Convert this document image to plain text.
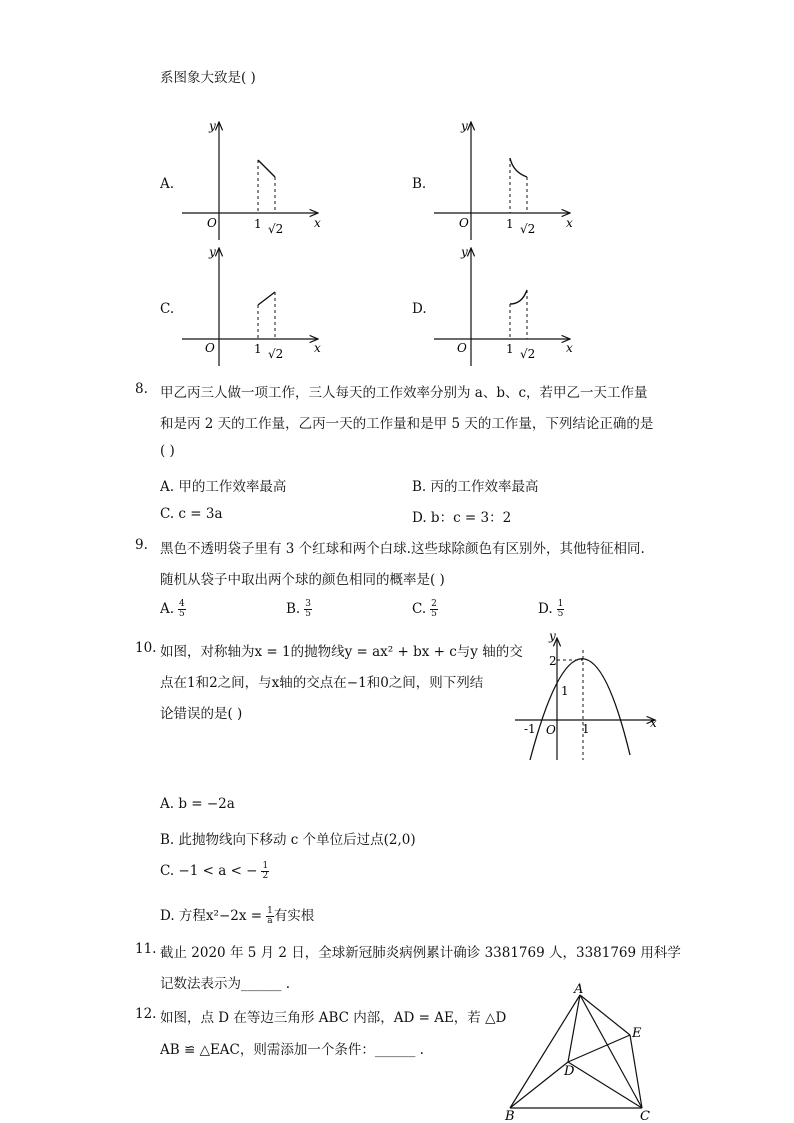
系图象大致是( )
A.	B.
C.	D.
y
x
O	1 √2
y
x
O	1 √2
y
x
O	1 √2
y
x
O	1 √2
y
x
O
2
1
-1	1
A
B	C
D
E
8. 甲乙丙三人做一项工作，三人每天的工作效率分别为 a、b、c，若甲乙一天工作量
和是丙 2 天的工作量，乙丙一天的工作量和是甲 5 天的工作量，下列结论正确的是
( )
A. 甲的工作效率最高	B. 丙的工作效率最高
C. c = 3a	D. b：c = 3：2
9. 黑色不透明袋子里有 3 个红球和两个白球.这些球除颜色有区别外，其他特征相同.
随机从袋子中取出两个球的颜色相同的概率是( )
A. $\frac{4}{5}$	B. $\frac{3}{5}$	C. $\frac{2}{5}$	D. $\frac{1}{5}$
10. 如图，对称轴为x = 1的抛物线y = ax² + bx + c与y 轴的交
点在1和2之间，与x轴的交点在−1和0之间，则下列结
论错误的是( )
A. b = −2a
B. 此抛物线向下移动 c 个单位后过点(2,0)
C. −1 < a < − $\frac{1}{2}$
D. 方程$x^2-2x = \frac{1}{a}$ 有实根
11. 截止 2020 年 5 月 2 日，全球新冠肺炎病例累计确诊 3381769 人，3381769 用科学
记数法表示为______ .
12. 如图，点 D 在等边三角形 ABC 内部，AD = AE，若 △D
AB ≌ △EAC，则需添加一个条件：______ .
